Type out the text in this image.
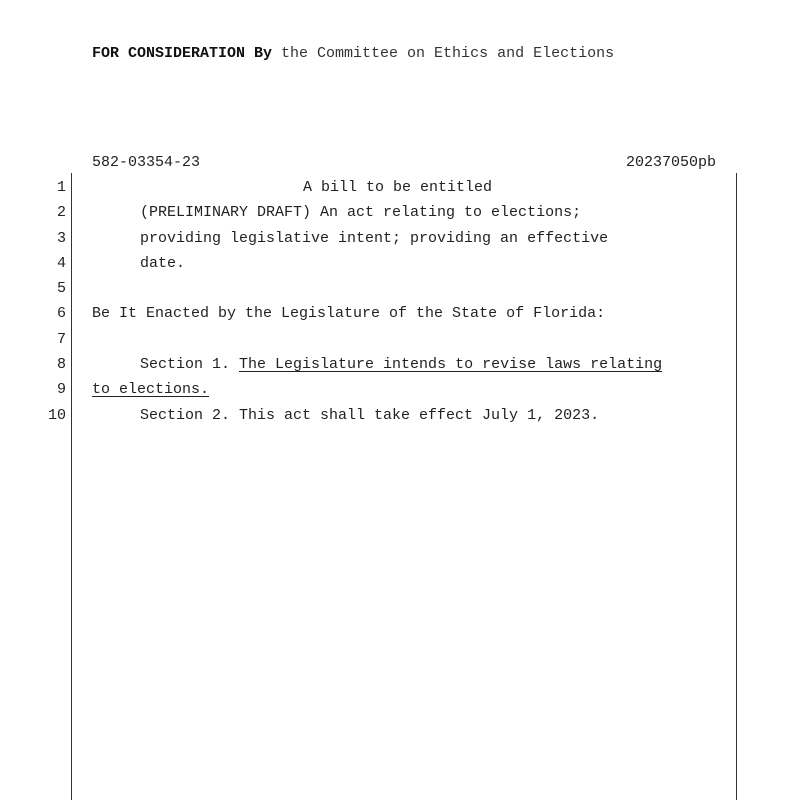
FOR CONSIDERATION By the Committee on Ethics and Elections
582-03354-23	20237050pb
1
2
3
4
5
6
7
8
9
10
A bill to be entitled
(PRELIMINARY DRAFT) An act relating to elections;
providing legislative intent; providing an effective
date.
Be It Enacted by the Legislature of the State of Florida:
Section 1. The Legislature intends to revise laws relating
to elections.
Section 2. This act shall take effect July 1, 2023.
